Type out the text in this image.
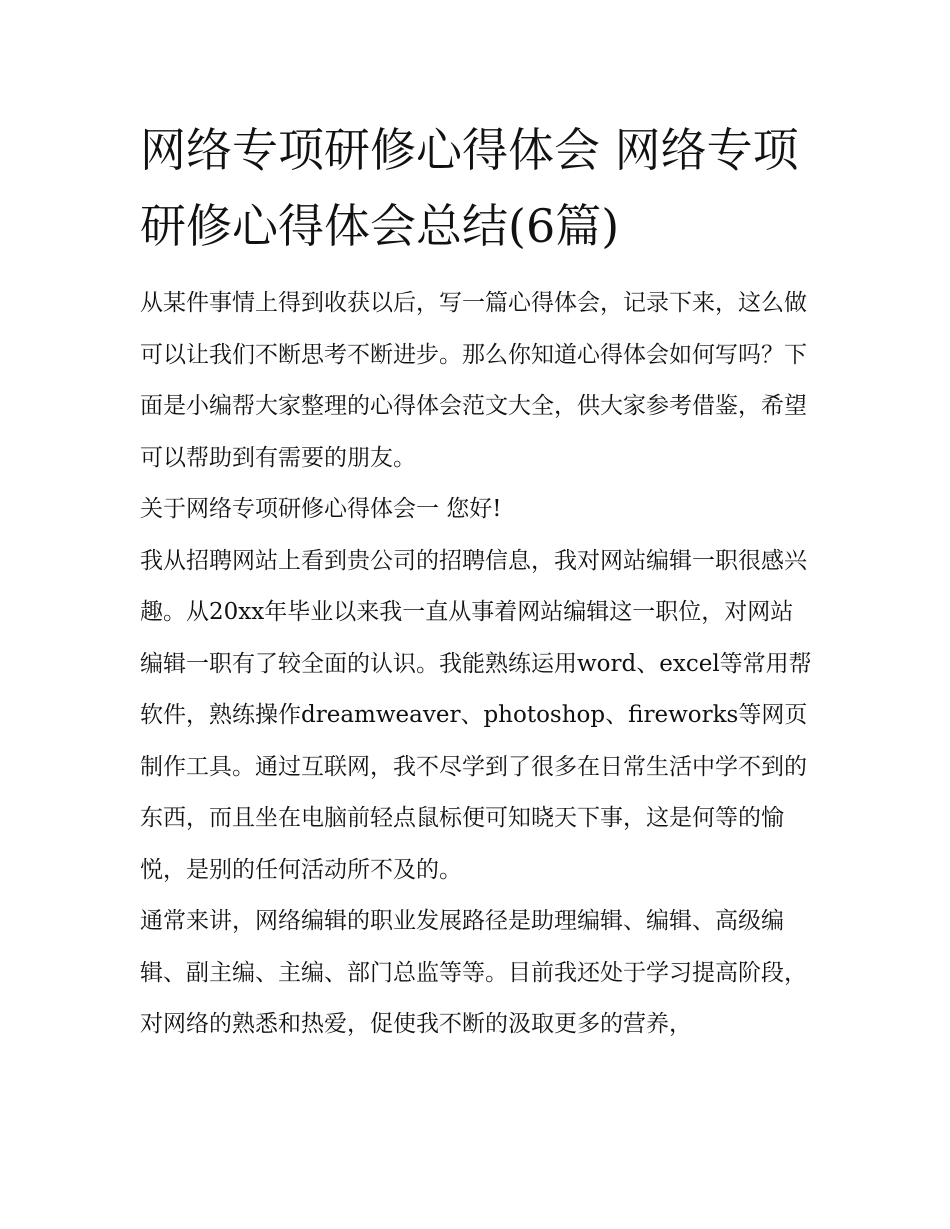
网络专项研修心得体会 网络专项研修心得体会总结(6篇)

从某件事情上得到收获以后，写一篇心得体会，记录下来，这么做可以让我们不断思考不断进步。那么你知道心得体会如何写吗？下面是小编帮大家整理的心得体会范文大全，供大家参考借鉴，希望可以帮助到有需要的朋友。

关于网络专项研修心得体会一 您好!

我从招聘网站上看到贵公司的招聘信息，我对网站编辑一职很感兴趣。从20xx年毕业以来我一直从事着网站编辑这一职位，对网站编辑一职有了较全面的认识。我能熟练运用word、excel等常用帮软件，熟练操作dreamweaver、photoshop、fireworks等网页制作工具。通过互联网，我不尽学到了很多在日常生活中学不到的东西，而且坐在电脑前轻点鼠标便可知晓天下事，这是何等的愉悦，是别的任何活动所不及的。

通常来讲，网络编辑的职业发展路径是助理编辑、编辑、高级编辑、副主编、主编、部门总监等等。目前我还处于学习提高阶段，对网络的熟悉和热爱，促使我不断的汲取更多的营养，
